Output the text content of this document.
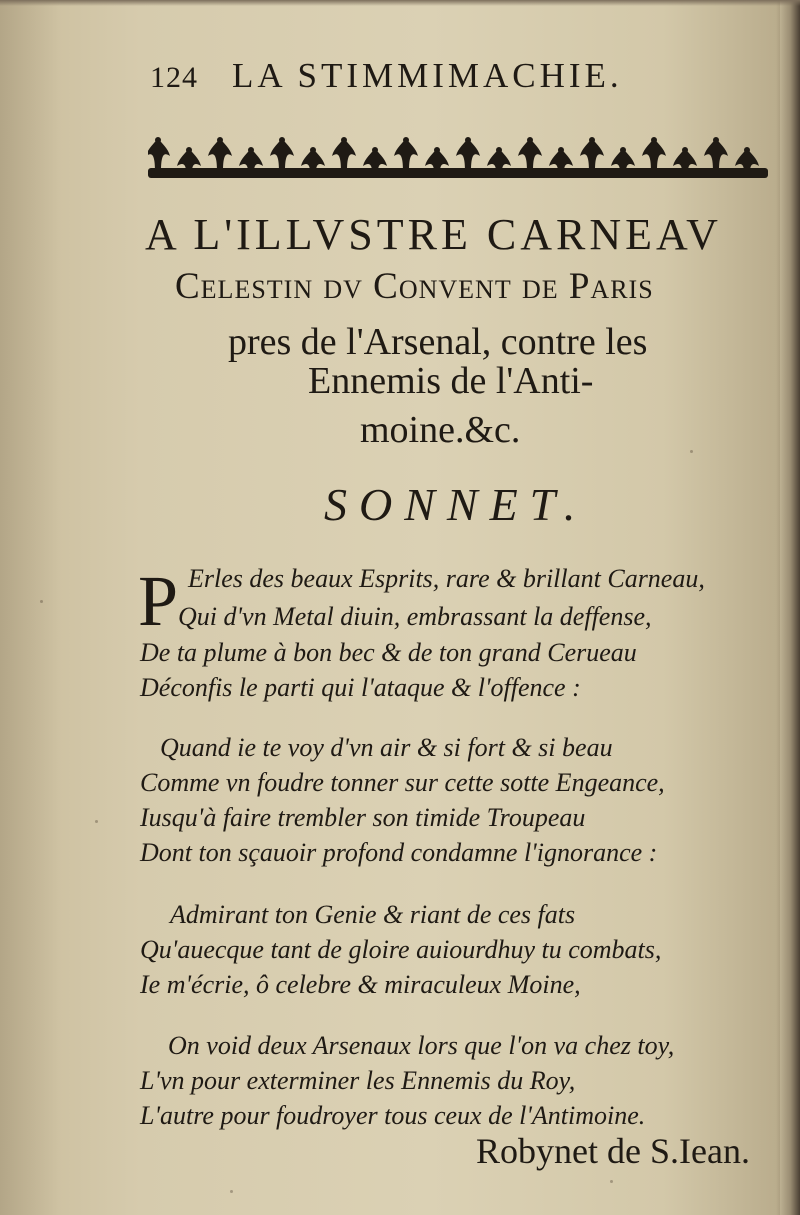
124 LA STIMMIMACHIE.
A L'ILLVSTRE CARNEAV
Celestin dv Convent de Paris
pres de l'Arsenal, contre les
Ennemis de l'Anti-
moine.&c.
SONNET.
P Erles des beaux Esprits, rare & brillant Carneau,
Qui d'vn Metal diuin, embrassant la deffense,
De ta plume à bon bec & de ton grand Cerueau
Déconfis le parti qui l'ataque & l'offence :
Quand ie te voy d'vn air & si fort & si beau
Comme vn foudre tonner sur cette sotte Engeance,
Iusqu'à faire trembler son timide Troupeau
Dont ton sçauoir profond condamne l'ignorance :
Admirant ton Genie & riant de ces fats
Qu'auecque tant de gloire auiourdhuy tu combats,
Ie m'écrie, ô celebre & miraculeux Moine,
On void deux Arsenaux lors que l'on va chez toy,
L'vn pour exterminer les Ennemis du Roy,
L'autre pour foudroyer tous ceux de l'Antimoine.
Robynet de S.Iean.
